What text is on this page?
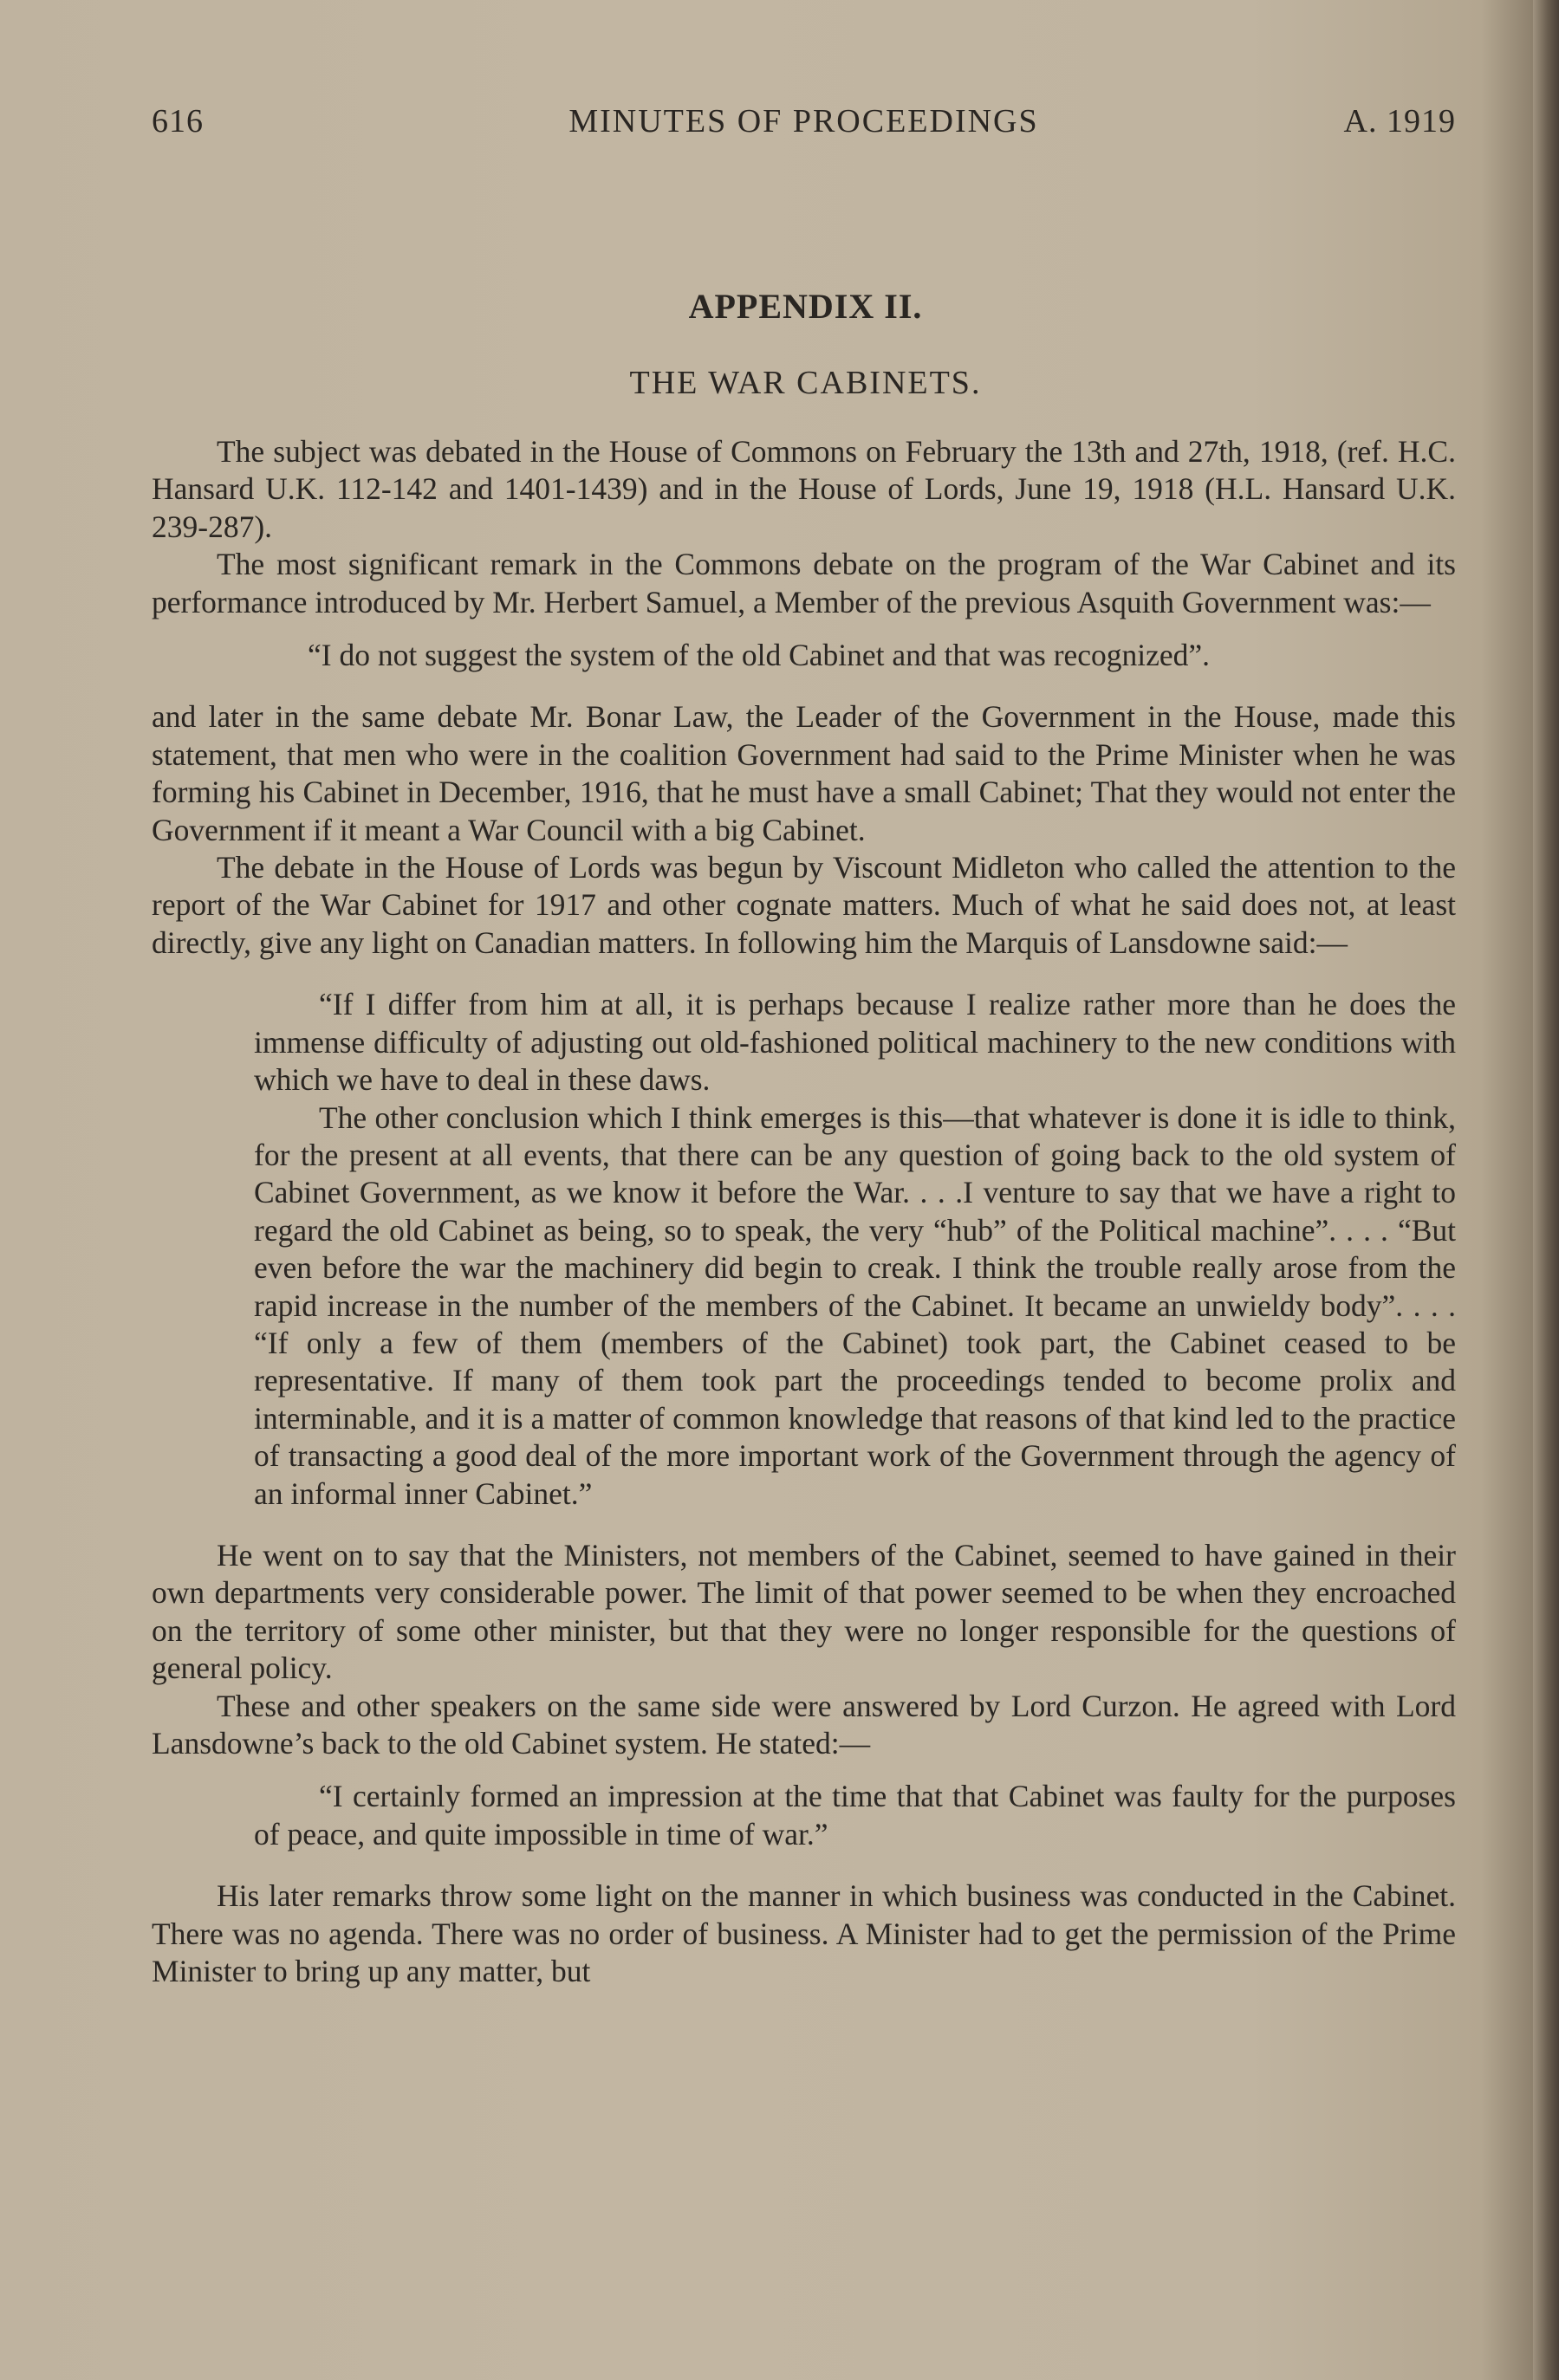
616	MINUTES OF PROCEEDINGS	A. 1919
APPENDIX II.
THE WAR CABINETS.

The subject was debated in the House of Commons on February the 13th and 27th, 1918, (ref. H.C. Hansard U.K. 112-142 and 1401-1439) and in the House of Lords, June 19, 1918 (H.L. Hansard U.K. 239-287).

The most significant remark in the Commons debate on the program of the War Cabinet and its performance introduced by Mr. Herbert Samuel, a Member of the previous Asquith Government was:—

“I do not suggest the system of the old Cabinet and that was recognized”.

and later in the same debate Mr. Bonar Law, the Leader of the Government in the House, made this statement, that men who were in the coalition Government had said to the Prime Minister when he was forming his Cabinet in December, 1916, that he must have a small Cabinet; That they would not enter the Government if it meant a War Council with a big Cabinet.

The debate in the House of Lords was begun by Viscount Midleton who called the attention to the report of the War Cabinet for 1917 and other cognate matters. Much of what he said does not, at least directly, give any light on Canadian matters. In following him the Marquis of Lansdowne said:—

“If I differ from him at all, it is perhaps because I realize rather more than he does the immense difficulty of adjusting out old-fashioned political machinery to the new conditions with which we have to deal in these daws.

The other conclusion which I think emerges is this—that whatever is done it is idle to think, for the present at all events, that there can be any question of going back to the old system of Cabinet Government, as we know it before the War. . . .I venture to say that we have a right to regard the old Cabinet as being, so to speak, the very “hub” of the Political machine”. . . . “But even before the war the machinery did begin to creak. I think the trouble really arose from the rapid increase in the number of the members of the Cabinet. It became an unwieldy body”. . . . “If only a few of them (members of the Cabinet) took part, the Cabinet ceased to be representative. If many of them took part the proceedings tended to become prolix and interminable, and it is a matter of common knowledge that reasons of that kind led to the practice of transacting a good deal of the more important work of the Government through the agency of an informal inner Cabinet.”

He went on to say that the Ministers, not members of the Cabinet, seemed to have gained in their own departments very considerable power. The limit of that power seemed to be when they encroached on the territory of some other minister, but that they were no longer responsible for the questions of general policy.

These and other speakers on the same side were answered by Lord Curzon. He agreed with Lord Lansdowne’s back to the old Cabinet system. He stated:—

“I certainly formed an impression at the time that that Cabinet was faulty for the purposes of peace, and quite impossible in time of war.”

His later remarks throw some light on the manner in which business was conducted in the Cabinet. There was no agenda. There was no order of business. A Minister had to get the permission of the Prime Minister to bring up any matter, but
